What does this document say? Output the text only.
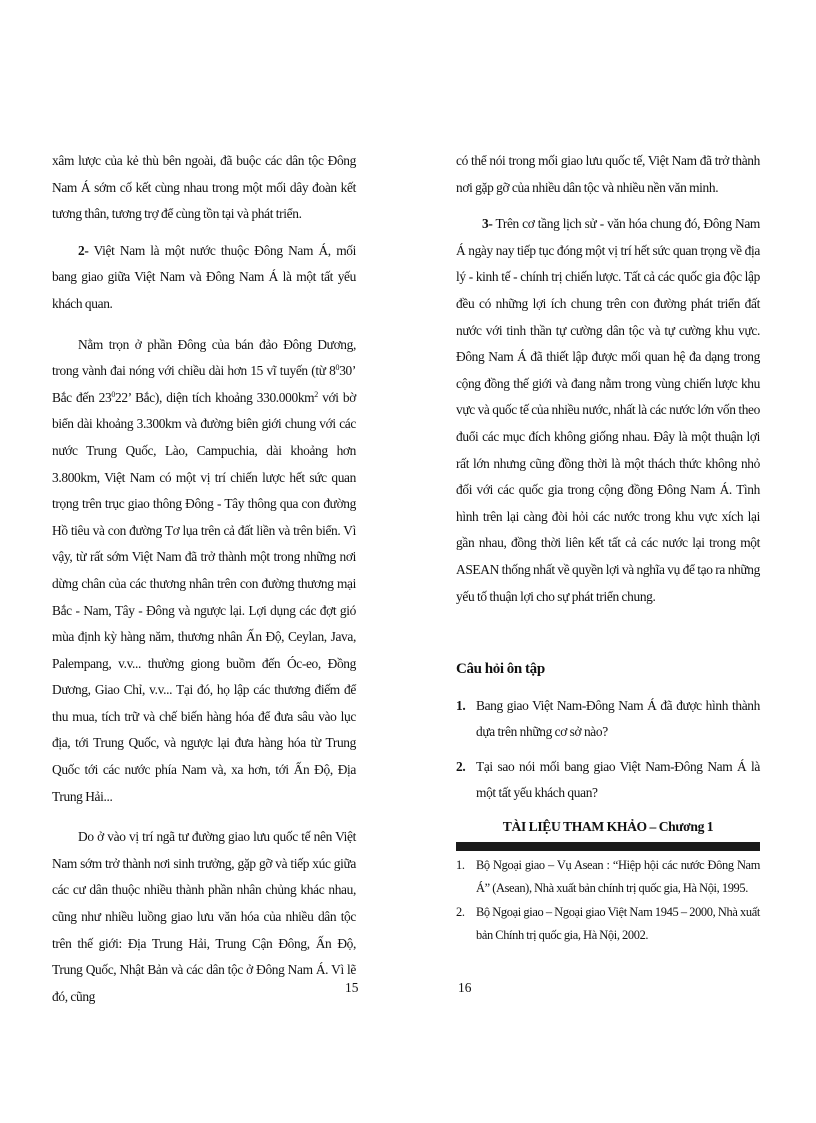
xâm lược của kẻ thù bên ngoài, đã buộc các dân tộc Đông Nam Á sớm cố kết cùng nhau trong một mối dây đoàn kết tương thân, tương trợ để cùng tồn tại và phát triển.

2- Việt Nam là một nước thuộc Đông Nam Á, mối bang giao giữa Việt Nam và Đông Nam Á là một tất yếu khách quan.

Nằm trọn ở phần Đông của bán đảo Đông Dương, trong vành đai nóng với chiều dài hơn 15 vĩ tuyến (từ $8^030$’ Bắc đến $23^022$’ Bắc), diện tích khoảng $330.000km^2$ với bờ biển dài khoảng 3.300km và đường biên giới chung với các nước Trung Quốc, Lào, Campuchia, dài khoảng hơn 3.800km, Việt Nam có một vị trí chiến lược hết sức quan trọng trên trục giao thông Đông - Tây thông qua con đường Hồ tiêu và con đường Tơ lụa trên cả đất liền và trên biển. Vì vậy, từ rất sớm Việt Nam đã trở thành một trong những nơi dừng chân của các thương nhân trên con đường thương mại Bắc - Nam, Tây - Đông và ngược lại. Lợi dụng các đợt gió mùa định kỳ hàng năm, thương nhân Ấn Độ, Ceylan, Java, Palempang, v.v... thường giong buồm đến Óc-eo, Đồng Dương, Giao Chỉ, v.v... Tại đó, họ lập các thương điếm để thu mua, tích trữ và chế biến hàng hóa để đưa sâu vào lục địa, tới Trung Quốc, và ngược lại đưa hàng hóa từ Trung Quốc tới các nước phía Nam và, xa hơn, tới Ấn Độ, Địa Trung Hải...

Do ở vào vị trí ngã tư đường giao lưu quốc tế nên Việt Nam sớm trở thành nơi sinh trưởng, gặp gỡ và tiếp xúc giữa các cư dân thuộc nhiều thành phần nhân chủng khác nhau, cũng như nhiều luồng giao lưu văn hóa của nhiều dân tộc trên thế giới: Địa Trung Hải, Trung Cận Đông, Ấn Độ, Trung Quốc, Nhật Bản và các dân tộc ở Đông Nam Á. Vì lẽ đó, cũng

có thể nói trong mối giao lưu quốc tế, Việt Nam đã trở thành nơi gặp gỡ của nhiều dân tộc và nhiều nền văn minh.

3- Trên cơ tầng lịch sử - văn hóa chung đó, Đông Nam Á ngày nay tiếp tục đóng một vị trí hết sức quan trọng về địa lý - kinh tế - chính trị chiến lược. Tất cả các quốc gia độc lập đều có những lợi ích chung trên con đường phát triển đất nước với tinh thần tự cường dân tộc và tự cường khu vực. Đông Nam Á đã thiết lập được mối quan hệ đa dạng trong cộng đồng thế giới và đang nằm trong vùng chiến lược khu vực và quốc tế của nhiều nước, nhất là các nước lớn vốn theo đuổi các mục đích không giống nhau. Đây là một thuận lợi rất lớn nhưng cũng đồng thời là một thách thức không nhỏ đối với các quốc gia trong cộng đồng Đông Nam Á. Tình hình trên lại càng đòi hỏi các nước trong khu vực xích lại gần nhau, đồng thời liên kết tất cả các nước lại trong một ASEAN thống nhất về quyền lợi và nghĩa vụ để tạo ra những yếu tố thuận lợi cho sự phát triển chung.

Câu hỏi ôn tập

1. Bang giao Việt Nam-Đông Nam Á đã được hình thành dựa trên những cơ sở nào?
2. Tại sao nói mối bang giao Việt Nam-Đông Nam Á là một tất yếu khách quan?

TÀI LIỆU THAM KHẢO – Chương 1

1. Bộ Ngoại giao – Vụ Asean : “Hiệp hội các nước Đông Nam Á” (Asean), Nhà xuất bản chính trị quốc gia, Hà Nội, 1995.
2. Bộ Ngoại giao – Ngoại giao Việt Nam 1945 – 2000, Nhà xuất bản Chính trị quốc gia, Hà Nội, 2002.
15	16
